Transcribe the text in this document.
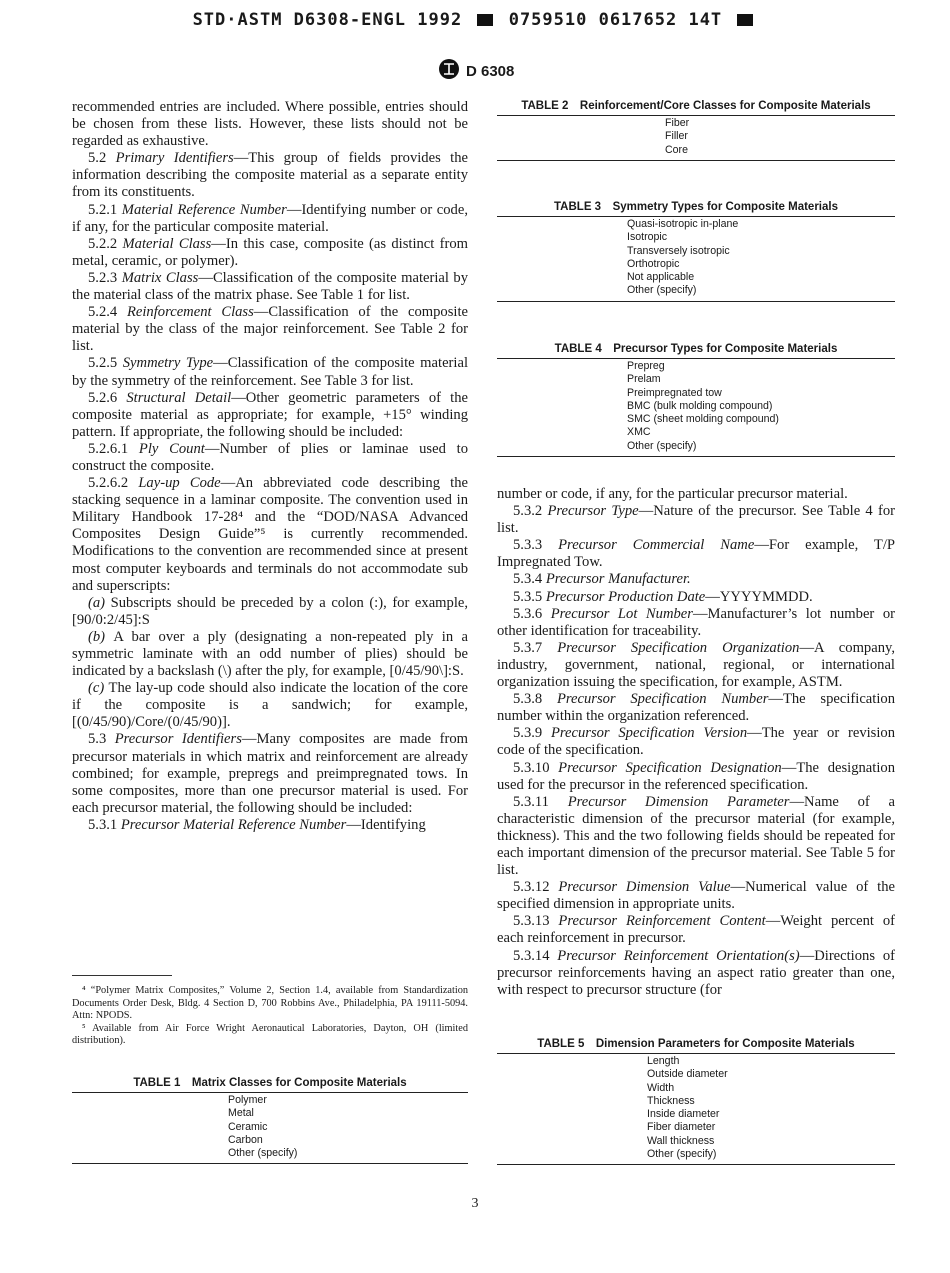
STD·ASTM D6308-ENGL 1992	0759510 0617652 14T
D 6308

recommended entries are included. Where possible, entries should be chosen from these lists. However, these lists should not be regarded as exhaustive.

5.2 Primary Identifiers—This group of fields provides the information describing the composite material as a separate entity from its constituents.

5.2.1 Material Reference Number—Identifying number or code, if any, for the particular composite material.

5.2.2 Material Class—In this case, composite (as distinct from metal, ceramic, or polymer).

5.2.3 Matrix Class—Classification of the composite material by the material class of the matrix phase. See Table 1 for list.

5.2.4 Reinforcement Class—Classification of the composite material by the class of the major reinforcement. See Table 2 for list.

5.2.5 Symmetry Type—Classification of the composite material by the symmetry of the reinforcement. See Table 3 for list.

5.2.6 Structural Detail—Other geometric parameters of the composite material as appropriate; for example, +15° winding pattern. If appropriate, the following should be included:

5.2.6.1 Ply Count—Number of plies or laminae used to construct the composite.

5.2.6.2 Lay-up Code—An abbreviated code describing the stacking sequence in a laminar composite. The convention used in Military Handbook 17-28⁴ and the “DOD/NASA Advanced Composites Design Guide”⁵ is currently recommended. Modifications to the convention are recommended since at present most computer keyboards and terminals do not accommodate sub and superscripts:

(a) Subscripts should be preceded by a colon (:), for example, [90/0:2/45]:S

(b) A bar over a ply (designating a non-repeated ply in a symmetric laminate with an odd number of plies) should be indicated by a backslash (\) after the ply, for example, [0/45/90\]:S.

(c) The lay-up code should also indicate the location of the core if the composite is a sandwich; for example, [(0/45/90)/Core/(0/45/90)].

5.3 Precursor Identifiers—Many composites are made from precursor materials in which matrix and reinforcement are already combined; for example, prepregs and preimpregnated tows. In some composites, more than one precursor material is used. For each precursor material, the following should be included:

5.3.1 Precursor Material Reference Number—Identifying

⁴ “Polymer Matrix Composites,” Volume 2, Section 1.4, available from Standardization Documents Order Desk, Bldg. 4 Section D, 700 Robbins Ave., Philadelphia, PA 19111-5094. Attn: NPODS.

⁵ Available from Air Force Wright Aeronautical Laboratories, Dayton, OH (limited distribution).

TABLE 1  Matrix Classes for Composite Materials
Polymer
Metal
Ceramic
Carbon
Other (specify)
TABLE 2  Reinforcement/Core Classes for Composite Materials
Fiber
Filler
Core
TABLE 3  Symmetry Types for Composite Materials
Quasi-isotropic in-plane
Isotropic
Transversely isotropic
Orthotropic
Not applicable
Other (specify)
TABLE 4  Precursor Types for Composite Materials
Prepreg
Prelam
Preimpregnated tow
BMC (bulk molding compound)
SMC (sheet molding compound)
XMC
Other (specify)
TABLE 5  Dimension Parameters for Composite Materials
Length
Outside diameter
Width
Thickness
Inside diameter
Fiber diameter
Wall thickness
Other (specify)

number or code, if any, for the particular precursor material.

5.3.2 Precursor Type—Nature of the precursor. See Table 4 for list.

5.3.3 Precursor Commercial Name—For example, T/P Impregnated Tow.

5.3.4 Precursor Manufacturer.

5.3.5 Precursor Production Date—YYYYMMDD.

5.3.6 Precursor Lot Number—Manufacturer’s lot number or other identification for traceability.

5.3.7 Precursor Specification Organization—A company, industry, government, national, regional, or international organization issuing the specification, for example, ASTM.

5.3.8 Precursor Specification Number—The specification number within the organization referenced.

5.3.9 Precursor Specification Version—The year or revision code of the specification.

5.3.10 Precursor Specification Designation—The designation used for the precursor in the referenced specification.

5.3.11 Precursor Dimension Parameter—Name of a characteristic dimension of the precursor material (for example, thickness). This and the two following fields should be repeated for each important dimension of the precursor material. See Table 5 for list.

5.3.12 Precursor Dimension Value—Numerical value of the specified dimension in appropriate units.

5.3.13 Precursor Reinforcement Content—Weight percent of each reinforcement in precursor.

5.3.14 Precursor Reinforcement Orientation(s)—Directions of precursor reinforcements having an aspect ratio greater than one, with respect to precursor structure (for

3
